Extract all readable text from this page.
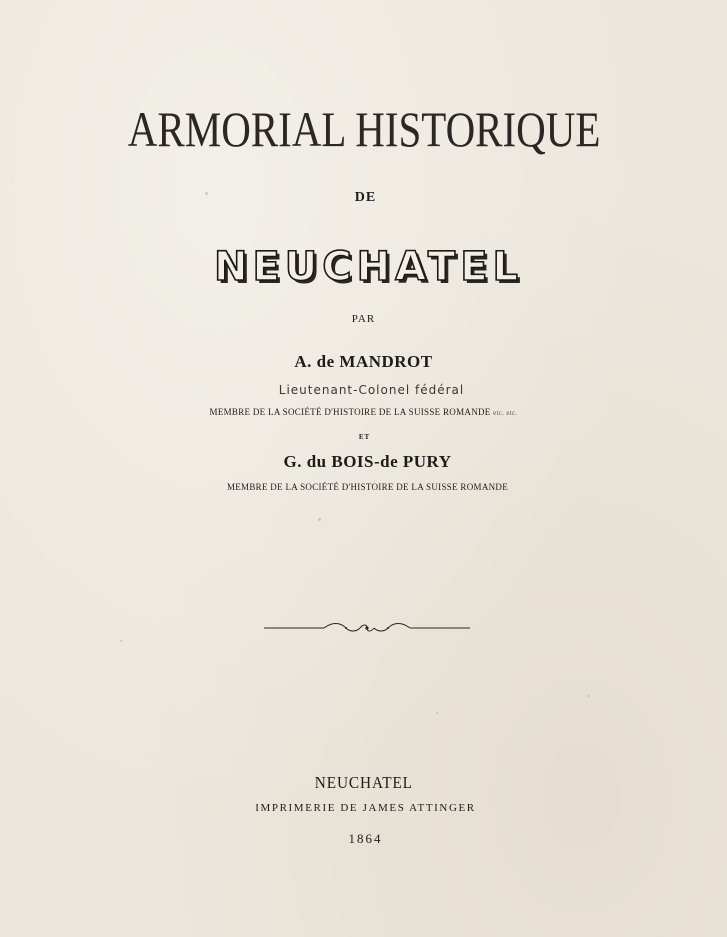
ARMORIAL HISTORIQUE
DE
NEUCHATEL
PAR
A. de MANDROT
Lieutenant-Colonel fédéral
MEMBRE DE LA SOCIÉTÉ D'HISTOIRE DE LA SUISSE ROMANDE etc. etc.
ET
G. du BOIS-de PURY
MEMBRE DE LA SOCIÉTÉ D'HISTOIRE DE LA SUISSE ROMANDE
NEUCHATEL
IMPRIMERIE DE JAMES ATTINGER
1864
